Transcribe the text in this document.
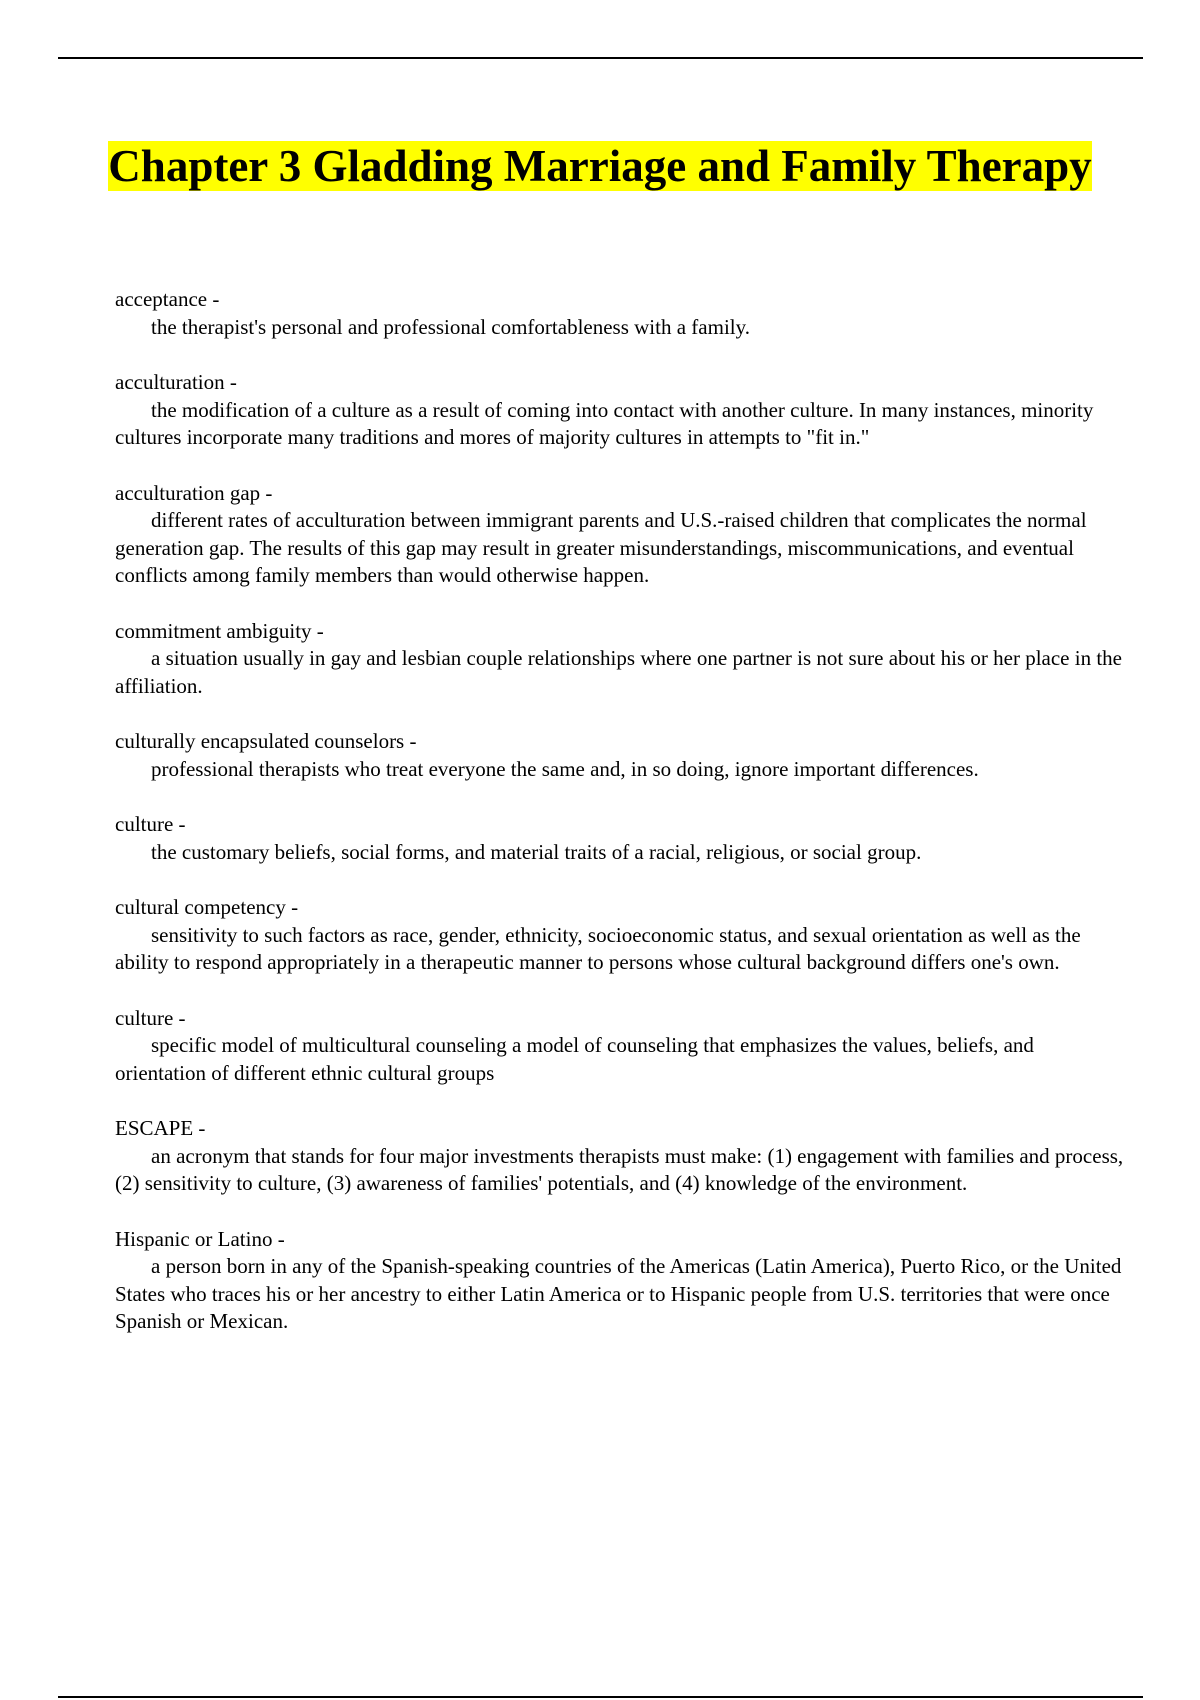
Chapter 3 Gladding Marriage and Family Therapy
acceptance -
the therapist's personal and professional comfortableness with a family.
acculturation -
the modification of a culture as a result of coming into contact with another culture. In many instances, minority cultures incorporate many traditions and mores of majority cultures in attempts to "fit in."
acculturation gap -
different rates of acculturation between immigrant parents and U.S.-raised children that complicates the normal generation gap. The results of this gap may result in greater misunderstandings, miscommunications, and eventual conflicts among family members than would otherwise happen.
commitment ambiguity -
a situation usually in gay and lesbian couple relationships where one partner is not sure about his or her place in the affiliation.
culturally encapsulated counselors -
professional therapists who treat everyone the same and, in so doing, ignore important differences.
culture -
the customary beliefs, social forms, and material traits of a racial, religious, or social group.
cultural competency -
sensitivity to such factors as race, gender, ethnicity, socioeconomic status, and sexual orientation as well as the ability to respond appropriately in a therapeutic manner to persons whose cultural background differs one's own.
culture -
specific model of multicultural counseling a model of counseling that emphasizes the values, beliefs, and orientation of different ethnic cultural groups
ESCAPE -
an acronym that stands for four major investments therapists must make: (1) engagement with families and process, (2) sensitivity to culture, (3) awareness of families' potentials, and (4) knowledge of the environment.
Hispanic or Latino -
a person born in any of the Spanish-speaking countries of the Americas (Latin America), Puerto Rico, or the United States who traces his or her ancestry to either Latin America or to Hispanic people from U.S. territories that were once Spanish or Mexican.
